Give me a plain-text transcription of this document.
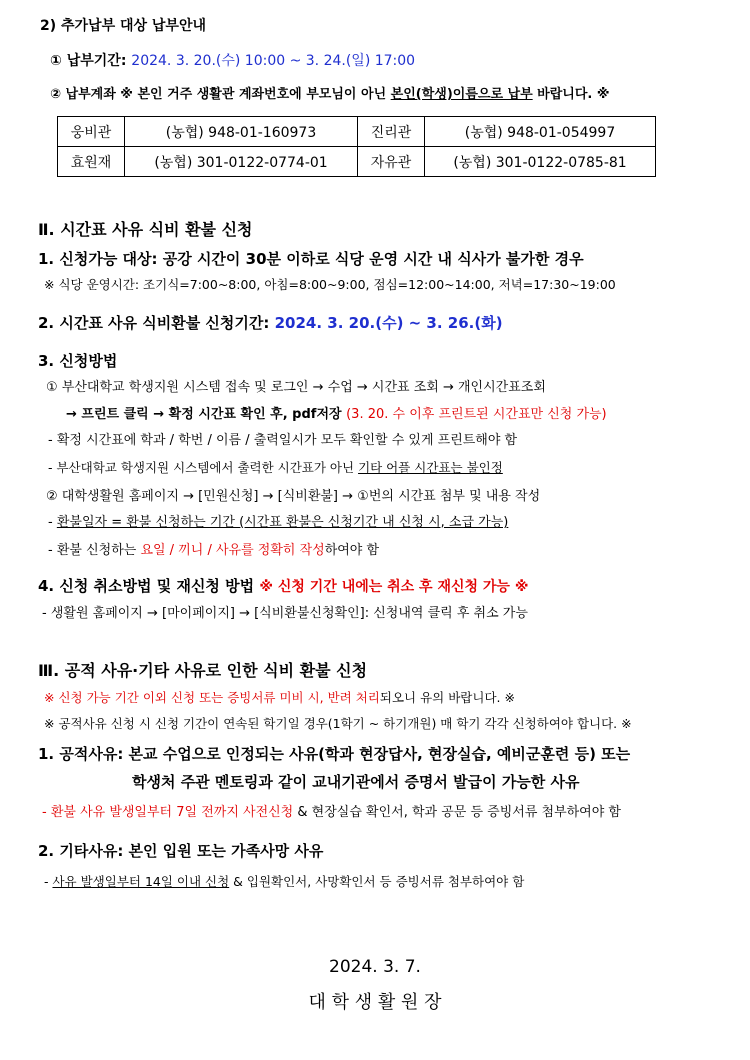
2) 추가납부 대상 납부안내
① 납부기간: 2024. 3. 20.(수) 10:00 ~ 3. 24.(일) 17:00
② 납부계좌 ※ 본인 거주 생활관 계좌번호에 부모님이 아닌 본인(학생)이름으로 납부 바랍니다. ※
웅비관	(농협) 948-01-160973	진리관	(농협) 948-01-054997
효원재	(농협) 301-0122-0774-01	자유관	(농협) 301-0122-0785-81
Ⅱ. 시간표 사유 식비 환불 신청
1. 신청가능 대상: 공강 시간이 30분 이하로 식당 운영 시간 내 식사가 불가한 경우
※ 식당 운영시간: 조기식=7:00~8:00, 아침=8:00~9:00, 점심=12:00~14:00, 저녁=17:30~19:00
2. 시간표 사유 식비환불 신청기간: 2024. 3. 20.(수) ~ 3. 26.(화)
3. 신청방법
① 부산대학교 학생지원 시스템 접속 및 로그인 → 수업 → 시간표 조회 → 개인시간표조회
→ 프린트 클릭 → 확정 시간표 확인 후, pdf저장 (3. 20. 수 이후 프린트된 시간표만 신청 가능)
- 확정 시간표에 학과 / 학번 / 이름 / 출력일시가 모두 확인할 수 있게 프린트해야 함
- 부산대학교 학생지원 시스템에서 출력한 시간표가 아닌 기타 어플 시간표는 불인정
② 대학생활원 홈페이지 → [민원신청] → [식비환불] → ①번의 시간표 첨부 및 내용 작성
- 환불일자 = 환불 신청하는 기간 (시간표 환불은 신청기간 내 신청 시, 소급 가능)
- 환불 신청하는 요일 / 끼니 / 사유를 정확히 작성하여야 함
4. 신청 취소방법 및 재신청 방법 ※ 신청 기간 내에는 취소 후 재신청 가능 ※
- 생활원 홈페이지 → [마이페이지] → [식비환불신청확인]: 신청내역 클릭 후 취소 가능
Ⅲ. 공적 사유·기타 사유로 인한 식비 환불 신청
※ 신청 가능 기간 이외 신청 또는 증빙서류 미비 시, 반려 처리되오니 유의 바랍니다. ※
※ 공적사유 신청 시 신청 기간이 연속된 학기일 경우(1학기 ~ 하기개원) 매 학기 각각 신청하여야 합니다. ※
1. 공적사유: 본교 수업으로 인정되는 사유(학과 현장답사, 현장실습, 예비군훈련 등) 또는
학생처 주관 멘토링과 같이 교내기관에서 증명서 발급이 가능한 사유
- 환불 사유 발생일부터 7일 전까지 사전신청 & 현장실습 확인서, 학과 공문 등 증빙서류 첨부하여야 함
2. 기타사유: 본인 입원 또는 가족사망 사유
- 사유 발생일부터 14일 이내 신청 & 입원확인서, 사망확인서 등 증빙서류 첨부하여야 함
2024. 3. 7.
대 학 생 활 원 장
